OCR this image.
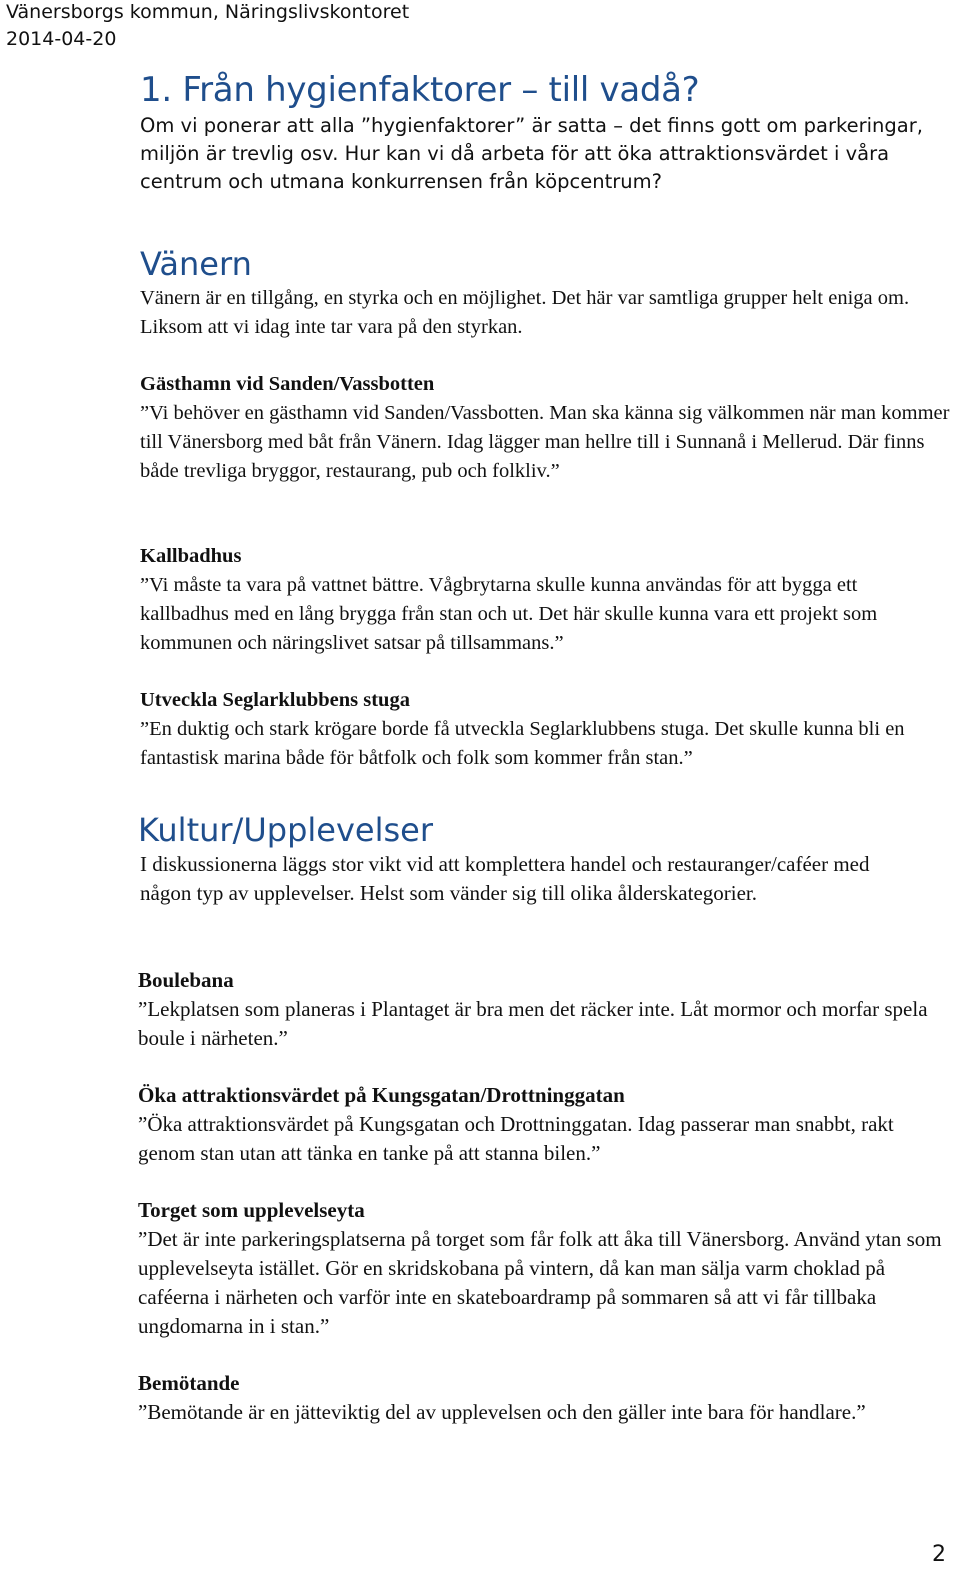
Vänersborgs kommun, Näringslivskontoret
2014-04-20
1. Från hygienfaktorer – till vadå?
Om vi ponerar att alla ”hygienfaktorer” är satta – det finns gott om parkeringar, miljön är trevlig osv. Hur kan vi då arbeta för att öka attraktionsvärdet i våra centrum och utmana konkurrensen från köpcentrum?
Vänern

Vänern är en tillgång, en styrka och en möjlighet. Det här var samtliga grupper helt eniga om. Liksom att vi idag inte tar vara på den styrkan.

Gästhamn vid Sanden/Vassbotten

”Vi behöver en gästhamn vid Sanden/Vassbotten. Man ska känna sig välkommen när man kommer till Vänersborg med båt från Vänern. Idag lägger man hellre till i Sunnanå i Mellerud. Där finns både trevliga bryggor, restaurang, pub och folkliv.”

Kallbadhus

”Vi måste ta vara på vattnet bättre. Vågbrytarna skulle kunna användas för att bygga ett kallbadhus med en lång brygga från stan och ut. Det här skulle kunna vara ett projekt som kommunen och näringslivet satsar på tillsammans.”

Utveckla Seglarklubbens stuga

”En duktig och stark krögare borde få utveckla Seglarklubbens stuga. Det skulle kunna bli en fantastisk marina både för båtfolk och folk som kommer från stan.”

Kultur/Upplevelser

I diskussionerna läggs stor vikt vid att komplettera handel och restauranger/caféer med någon typ av upplevelser. Helst som vänder sig till olika ålderskategorier.

Boulebana

”Lekplatsen som planeras i Plantaget är bra men det räcker inte. Låt mormor och morfar spela boule i närheten.”

Öka attraktionsvärdet på Kungsgatan/Drottninggatan

”Öka attraktionsvärdet på Kungsgatan och Drottninggatan. Idag passerar man snabbt, rakt genom stan utan att tänka en tanke på att stanna bilen.”

Torget som upplevelseyta

”Det är inte parkeringsplatserna på torget som får folk att åka till Vänersborg. Använd ytan som upplevelseyta istället. Gör en skridskobana på vintern, då kan man sälja varm choklad på caféerna i närheten och varför inte en skateboardramp på sommaren så att vi får tillbaka ungdomarna in i stan.”

Bemötande

”Bemötande är en jätteviktig del av upplevelsen och den gäller inte bara för handlare.”

2
